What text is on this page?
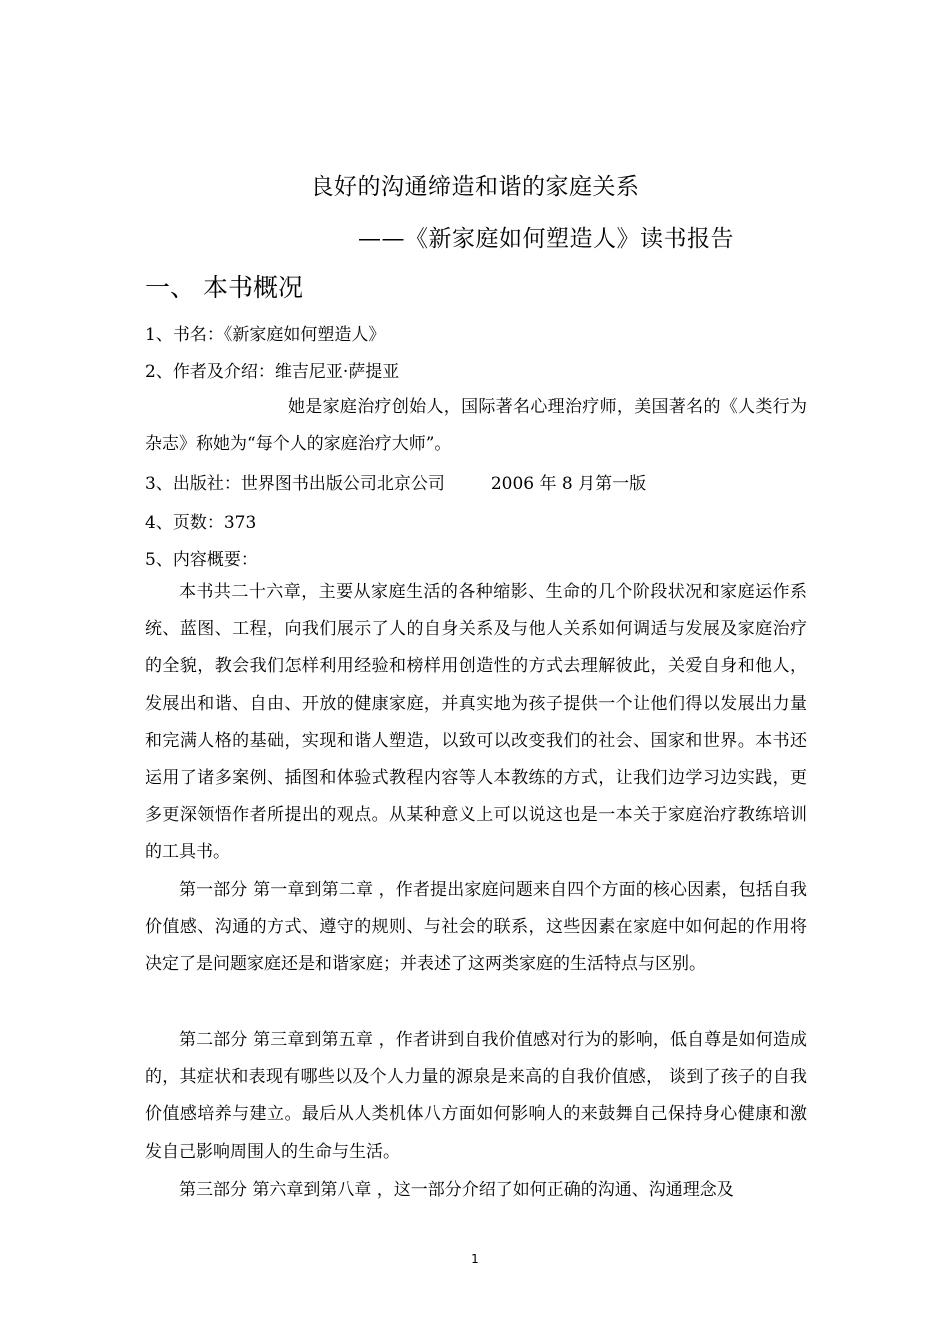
良好的沟通缔造和谐的家庭关系
——《新家庭如何塑造人》读书报告
一、 本书概况
1、书名：《新家庭如何塑造人》
2、作者及介绍：维吉尼亚·萨提亚
她是家庭治疗创始人，国际著名心理治疗师，美国著名的《人类行为杂志》称她为“每个人的家庭治疗大师”。
3、出版社：世界图书出版公司北京公司	2006 年 8 月第一版
4、页数：373
5、内容概要：
本书共二十六章，主要从家庭生活的各种缩影、生命的几个阶段状况和家庭运作系统、蓝图、工程，向我们展示了人的自身关系及与他人关系如何调适与发展及家庭治疗的全貌，教会我们怎样利用经验和榜样用创造性的方式去理解彼此，关爱自身和他人，发展出和谐、自由、开放的健康家庭，并真实地为孩子提供一个让他们得以发展出力量和完满人格的基础，实现和谐人塑造，以致可以改变我们的社会、国家和世界。本书还运用了诸多案例、插图和体验式教程内容等人本教练的方式，让我们边学习边实践，更多更深领悟作者所提出的观点。从某种意义上可以说这也是一本关于家庭治疗教练培训的工具书。
第一部分 第一章到第二章 ，作者提出家庭问题来自四个方面的核心因素，包括自我价值感、沟通的方式、遵守的规则、与社会的联系，这些因素在家庭中如何起的作用将决定了是问题家庭还是和谐家庭；并表述了这两类家庭的生活特点与区别。
第二部分 第三章到第五章 ，作者讲到自我价值感对行为的影响，低自尊是如何造成的，其症状和表现有哪些以及个人力量的源泉是来高的自我价值感， 谈到了孩子的自我价值感培养与建立。最后从人类机体八方面如何影响人的来鼓舞自己保持身心健康和激发自己影响周围人的生命与生活。
第三部分 第六章到第八章 ，这一部分介绍了如何正确的沟通、沟通理念及
1
